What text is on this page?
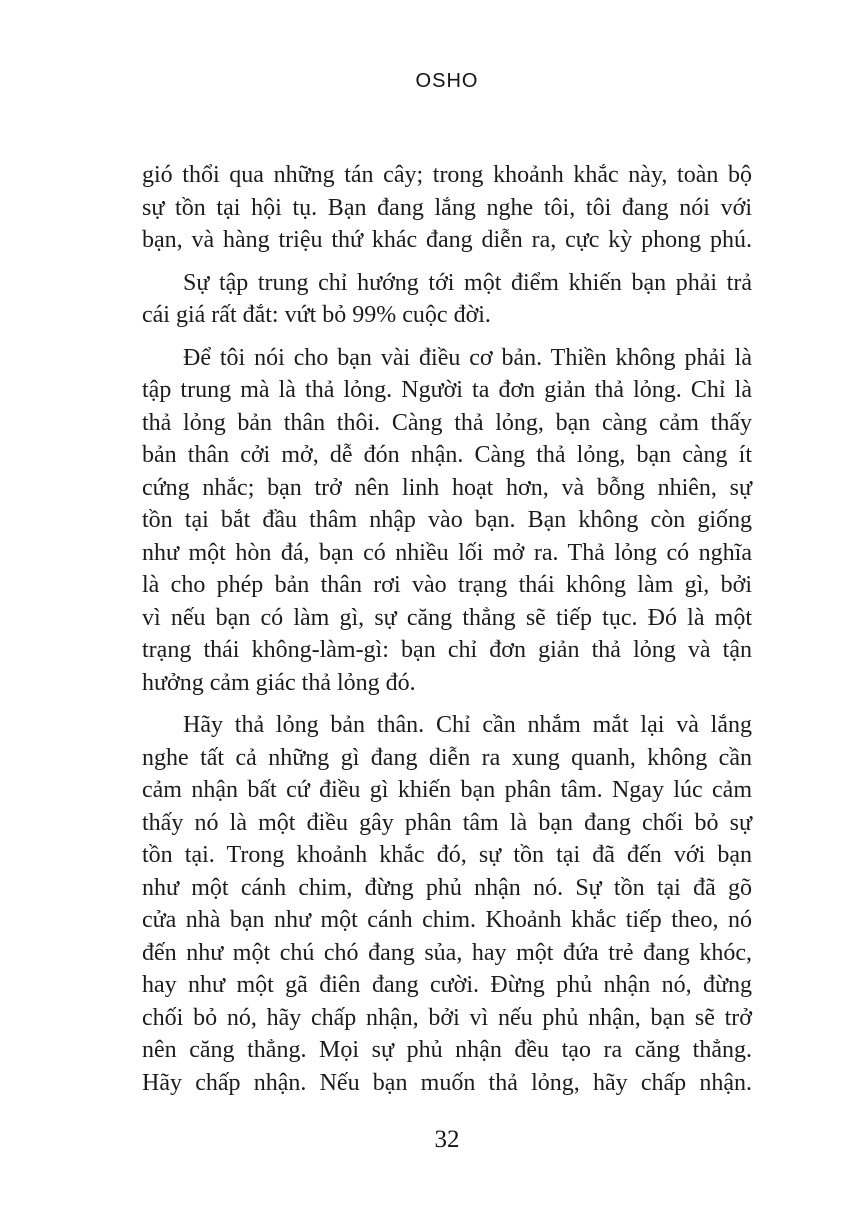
OSHO
gió thổi qua những tán cây; trong khoảnh khắc này, toàn bộ
sự tồn tại hội tụ. Bạn đang lắng nghe tôi, tôi đang nói với
bạn, và hàng triệu thứ khác đang diễn ra, cực kỳ phong phú.
Sự tập trung chỉ hướng tới một điểm khiến bạn phải trả
cái giá rất đắt: vứt bỏ 99% cuộc đời.
Để tôi nói cho bạn vài điều cơ bản. Thiền không phải là
tập trung mà là thả lỏng. Người ta đơn giản thả lỏng. Chỉ là
thả lỏng bản thân thôi. Càng thả lỏng, bạn càng cảm thấy
bản thân cởi mở, dễ đón nhận. Càng thả lỏng, bạn càng ít
cứng nhắc; bạn trở nên linh hoạt hơn, và bỗng nhiên, sự
tồn tại bắt đầu thâm nhập vào bạn. Bạn không còn giống
như một hòn đá, bạn có nhiều lối mở ra. Thả lỏng có nghĩa
là cho phép bản thân rơi vào trạng thái không làm gì, bởi
vì nếu bạn có làm gì, sự căng thẳng sẽ tiếp tục. Đó là một
trạng thái không-làm-gì: bạn chỉ đơn giản thả lỏng và tận
hưởng cảm giác thả lỏng đó.
Hãy thả lỏng bản thân. Chỉ cần nhắm mắt lại và lắng
nghe tất cả những gì đang diễn ra xung quanh, không cần
cảm nhận bất cứ điều gì khiến bạn phân tâm. Ngay lúc cảm
thấy nó là một điều gây phân tâm là bạn đang chối bỏ sự
tồn tại. Trong khoảnh khắc đó, sự tồn tại đã đến với bạn
như một cánh chim, đừng phủ nhận nó. Sự tồn tại đã gõ
cửa nhà bạn như một cánh chim. Khoảnh khắc tiếp theo, nó
đến như một chú chó đang sủa, hay một đứa trẻ đang khóc,
hay như một gã điên đang cười. Đừng phủ nhận nó, đừng
chối bỏ nó, hãy chấp nhận, bởi vì nếu phủ nhận, bạn sẽ trở
nên căng thẳng. Mọi sự phủ nhận đều tạo ra căng thẳng.
Hãy chấp nhận. Nếu bạn muốn thả lỏng, hãy chấp nhận.
32
